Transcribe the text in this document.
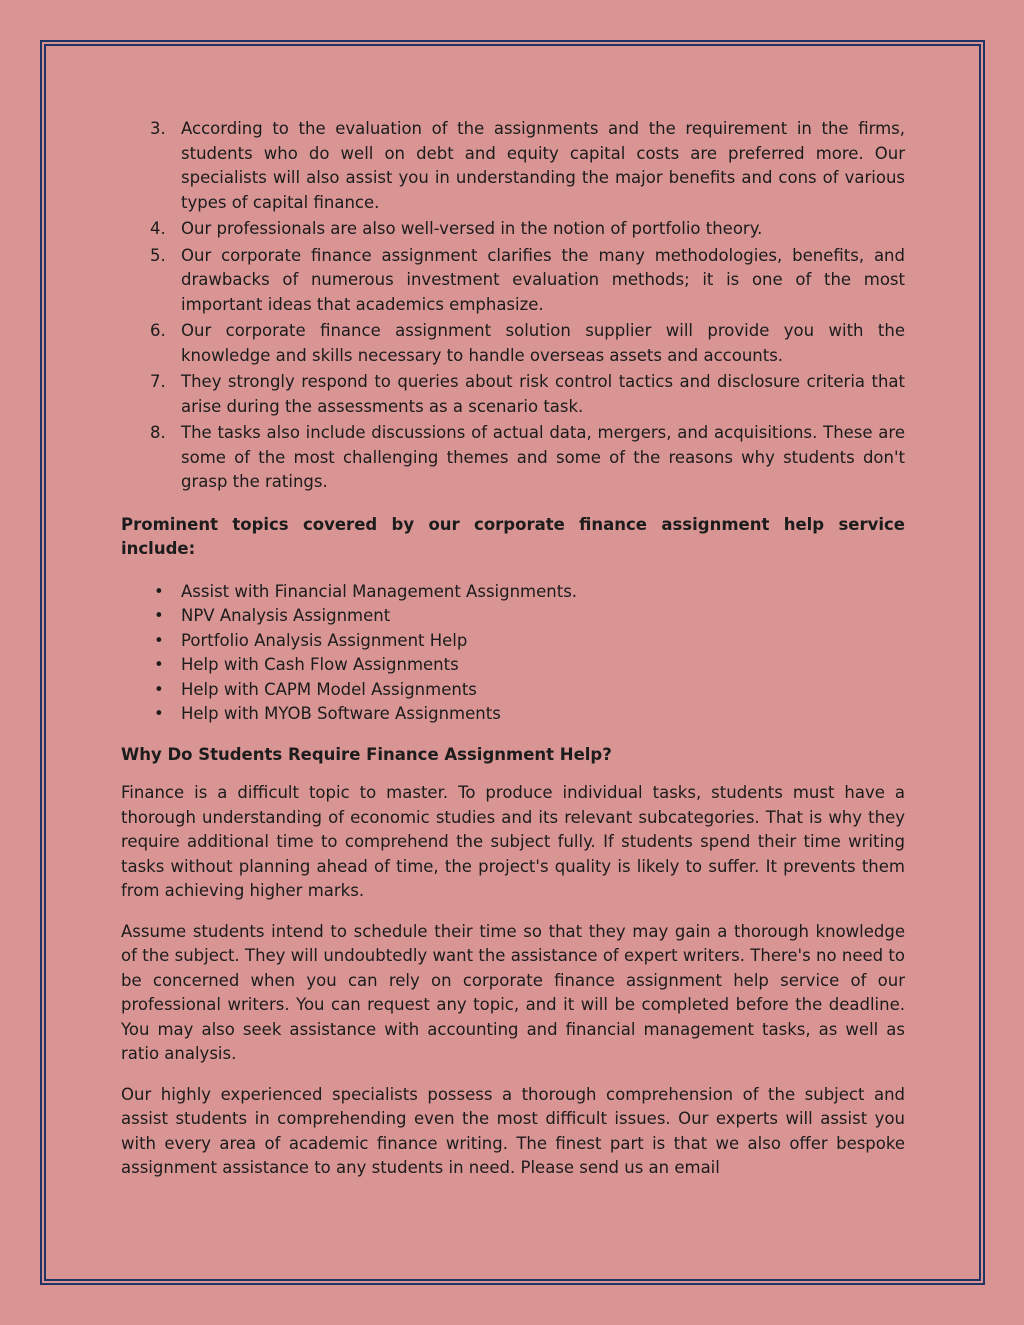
3. According to the evaluation of the assignments and the requirement in the firms, students who do well on debt and equity capital costs are preferred more. Our specialists will also assist you in understanding the major benefits and cons of various types of capital finance.
4. Our professionals are also well-versed in the notion of portfolio theory.
5. Our corporate finance assignment clarifies the many methodologies, benefits, and drawbacks of numerous investment evaluation methods; it is one of the most important ideas that academics emphasize.
6. Our corporate finance assignment solution supplier will provide you with the knowledge and skills necessary to handle overseas assets and accounts.
7. They strongly respond to queries about risk control tactics and disclosure criteria that arise during the assessments as a scenario task.
8. The tasks also include discussions of actual data, mergers, and acquisitions. These are some of the most challenging themes and some of the reasons why students don't grasp the ratings.
Prominent topics covered by our corporate finance assignment help service include:
• Assist with Financial Management Assignments.
• NPV Analysis Assignment
• Portfolio Analysis Assignment Help
• Help with Cash Flow Assignments
• Help with CAPM Model Assignments
• Help with MYOB Software Assignments
Why Do Students Require Finance Assignment Help?

Finance is a difficult topic to master. To produce individual tasks, students must have a thorough understanding of economic studies and its relevant subcategories. That is why they require additional time to comprehend the subject fully. If students spend their time writing tasks without planning ahead of time, the project's quality is likely to suffer. It prevents them from achieving higher marks.

Assume students intend to schedule their time so that they may gain a thorough knowledge of the subject. They will undoubtedly want the assistance of expert writers. There's no need to be concerned when you can rely on corporate finance assignment help service of our professional writers. You can request any topic, and it will be completed before the deadline. You may also seek assistance with accounting and financial management tasks, as well as ratio analysis.

Our highly experienced specialists possess a thorough comprehension of the subject and assist students in comprehending even the most difficult issues. Our experts will assist you with every area of academic finance writing. The finest part is that we also offer bespoke assignment assistance to any students in need. Please send us an email
